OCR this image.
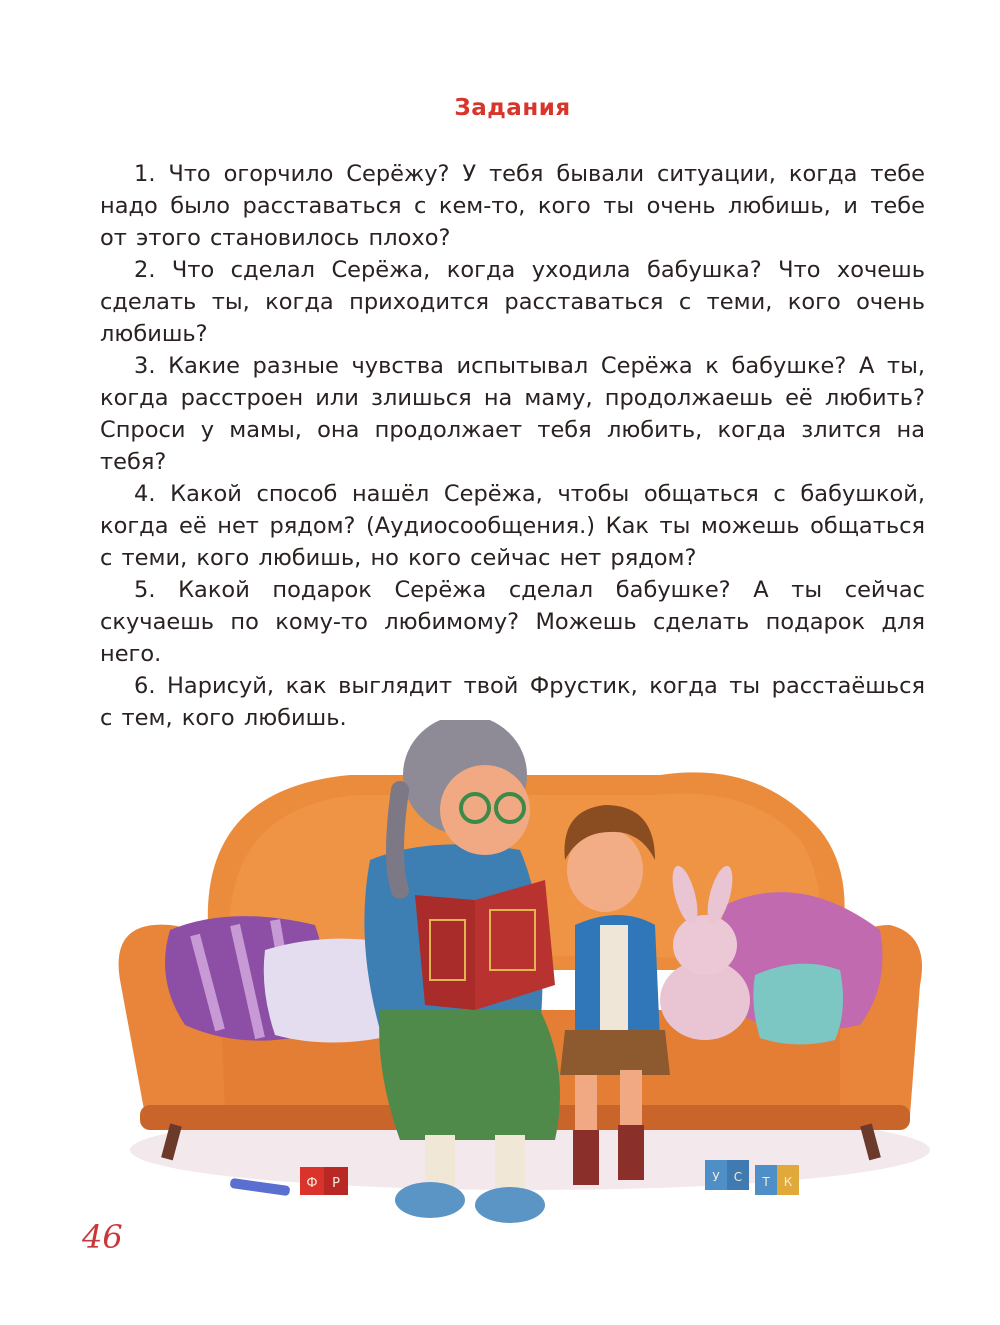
Задания

1. Что огорчило Серёжу? У тебя бывали ситуации, когда тебе надо было расставаться с кем-то, кого ты очень любишь, и тебе от этого становилось плохо?

2. Что сделал Серёжа, когда уходила бабушка? Что хочешь сделать ты, когда приходится расставаться с теми, кого очень любишь?

3. Какие разные чувства испытывал Серёжа к бабушке? А ты, когда расстроен или злишься на маму, продолжаешь её любить? Спроси у мамы, она продолжает тебя любить, когда злится на тебя?

4. Какой способ нашёл Серёжа, чтобы общаться с бабушкой, когда её нет рядом? (Аудиосообщения.) Как ты можешь общаться с теми, кого любишь, но кого сейчас нет рядом?

5. Какой подарок Серёжа сделал бабушке? А ты сейчас скучаешь по кому-то любимому? Можешь сделать подарок для него.

6. Нарисуй, как выглядит твой Фрустик, когда ты расстаёшься с тем, кого любишь.

Ф Р	У С Т К
46
